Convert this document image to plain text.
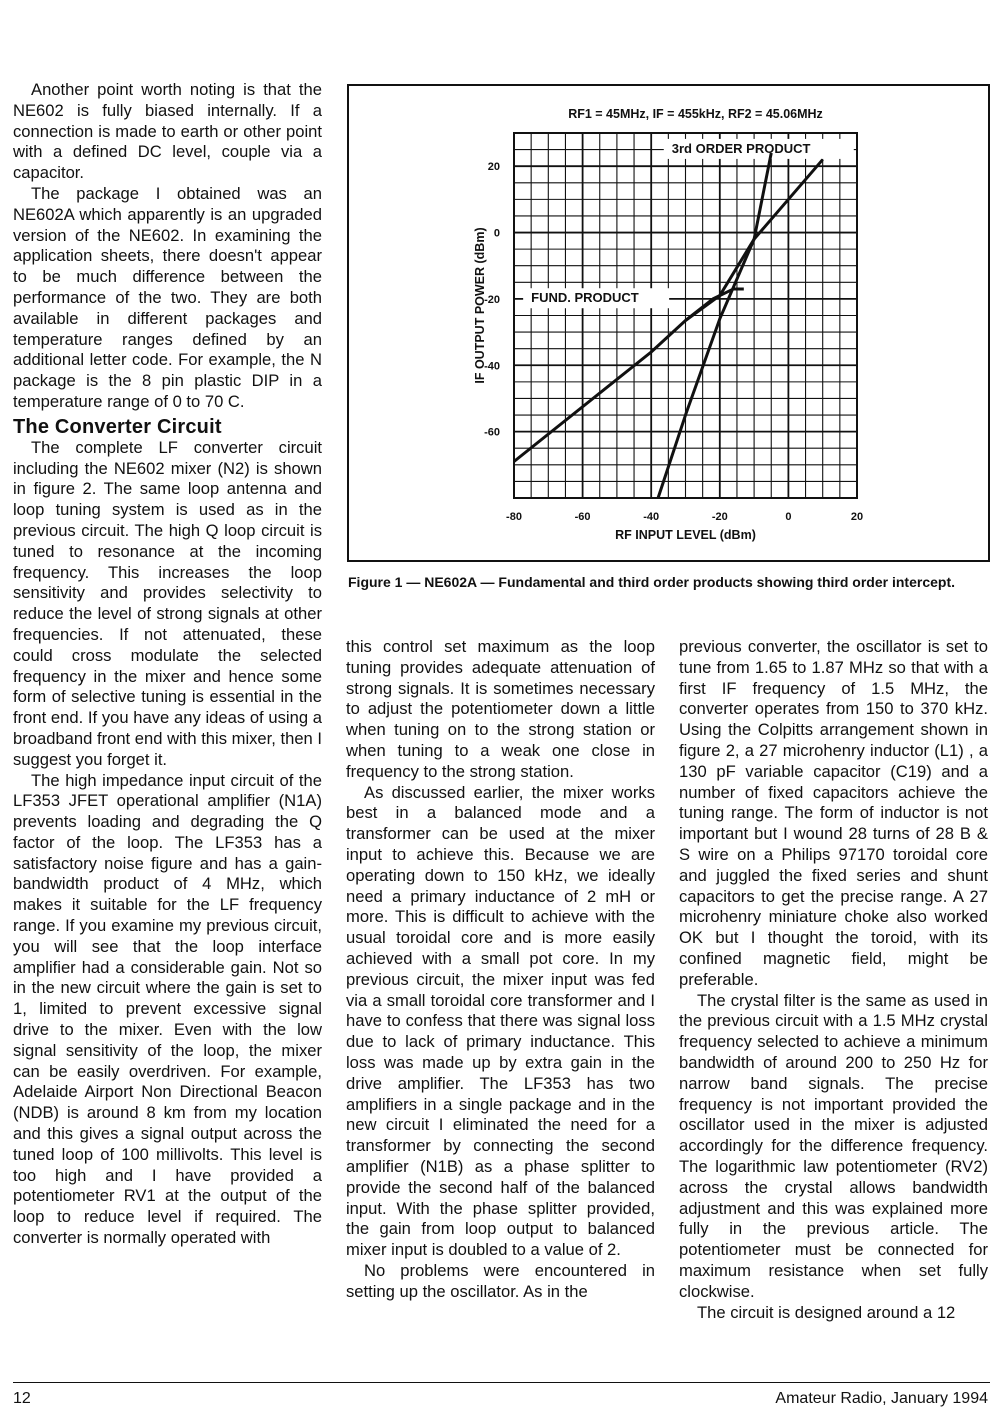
Another point worth noting is that the NE602 is fully biased internally. If a connection is made to earth or other point with a defined DC level, couple via a capacitor.

The package I obtained was an NE602A which apparently is an upgraded version of the NE602. In examining the application sheets, there doesn't appear to be much difference between the performance of the two. They are both available in different packages and temperature ranges defined by an additional letter code. For example, the N package is the 8 pin plastic DIP in a temperature range of 0 to 70 C.

The Converter Circuit

The complete LF converter circuit including the NE602 mixer (N2) is shown in figure 2. The same loop antenna and loop tuning system is used as in the previous circuit. The high Q loop circuit is tuned to resonance at the incoming frequency. This increases the loop sensitivity and provides selectivity to reduce the level of strong signals at other frequencies. If not attenuated, these could cross modulate the selected frequency in the mixer and hence some form of selective tuning is essential in the front end. If you have any ideas of using a broadband front end with this mixer, then I suggest you forget it.

The high impedance input circuit of the LF353 JFET operational amplifier (N1A) prevents loading and degrading the Q factor of the loop. The LF353 has a satisfactory noise figure and has a gain-bandwidth product of 4 MHz, which makes it suitable for the LF frequency range. If you examine my previous circuit, you will see that the loop interface amplifier had a considerable gain. Not so in the new circuit where the gain is set to 1, limited to prevent excessive signal drive to the mixer. Even with the low signal sensitivity of the loop, the mixer can be easily overdriven. For example, Adelaide Airport Non Directional Beacon (NDB) is around 8 km from my location and this gives a signal output across the tuned loop of 100 millivolts. This level is too high and I have provided a potentiometer RV1 at the output of the loop to reduce level if required. The converter is normally operated with

3rd ORDER PRODUCT
FUND. PRODUCT
RF1 = 45MHz, IF = 455kHz, RF2 = 45.06MHz
20
0
-20
-40
-60
-80	-60	-40	-20	0	20
RF INPUT LEVEL (dBm)
IF OUTPUT POWER (dBm)
Figure 1 — NE602A — Fundamental and third order products showing third order intercept.

this control set maximum as the loop tuning provides adequate attenuation of strong signals. It is sometimes necessary to adjust the potentiometer down a little when tuning on to the strong station or when tuning to a weak one close in frequency to the strong station.

As discussed earlier, the mixer works best in a balanced mode and a transformer can be used at the mixer input to achieve this. Because we are operating down to 150 kHz, we ideally need a primary inductance of 2 mH or more. This is difficult to achieve with the usual toroidal core and is more easily achieved with a small pot core. In my previous circuit, the mixer input was fed via a small toroidal core transformer and I have to confess that there was signal loss due to lack of primary inductance. This loss was made up by extra gain in the drive amplifier. The LF353 has two amplifiers in a single package and in the new circuit I eliminated the need for a transformer by connecting the second amplifier (N1B) as a phase splitter to provide the second half of the balanced input. With the phase splitter provided, the gain from loop output to balanced mixer input is doubled to a value of 2.

No problems were encountered in setting up the oscillator. As in the

previous converter, the oscillator is set to tune from 1.65 to 1.87 MHz so that with a first IF frequency of 1.5 MHz, the converter operates from 150 to 370 kHz. Using the Colpitts arrangement shown in figure 2, a 27 microhenry inductor (L1) , a 130 pF variable capacitor (C19) and a number of fixed capacitors achieve the tuning range. The form of inductor is not important but I wound 28 turns of 28 B & S wire on a Philips 97170 toroidal core and juggled the fixed series and shunt capacitors to get the precise range. A 27 microhenry miniature choke also worked OK but I thought the toroid, with its confined magnetic field, might be preferable.

The crystal filter is the same as used in the previous circuit with a 1.5 MHz crystal frequency selected to achieve a minimum bandwidth of around 200 to 250 Hz for narrow band signals. The precise frequency is not important provided the oscillator used in the mixer is adjusted accordingly for the difference frequency. The logarithmic law potentiometer (RV2) across the crystal allows bandwidth adjustment and this was explained more fully in the previous article. The potentiometer must be connected for maximum resistance when set fully clockwise.

The circuit is designed around a 12

12	Amateur Radio, January 1994
